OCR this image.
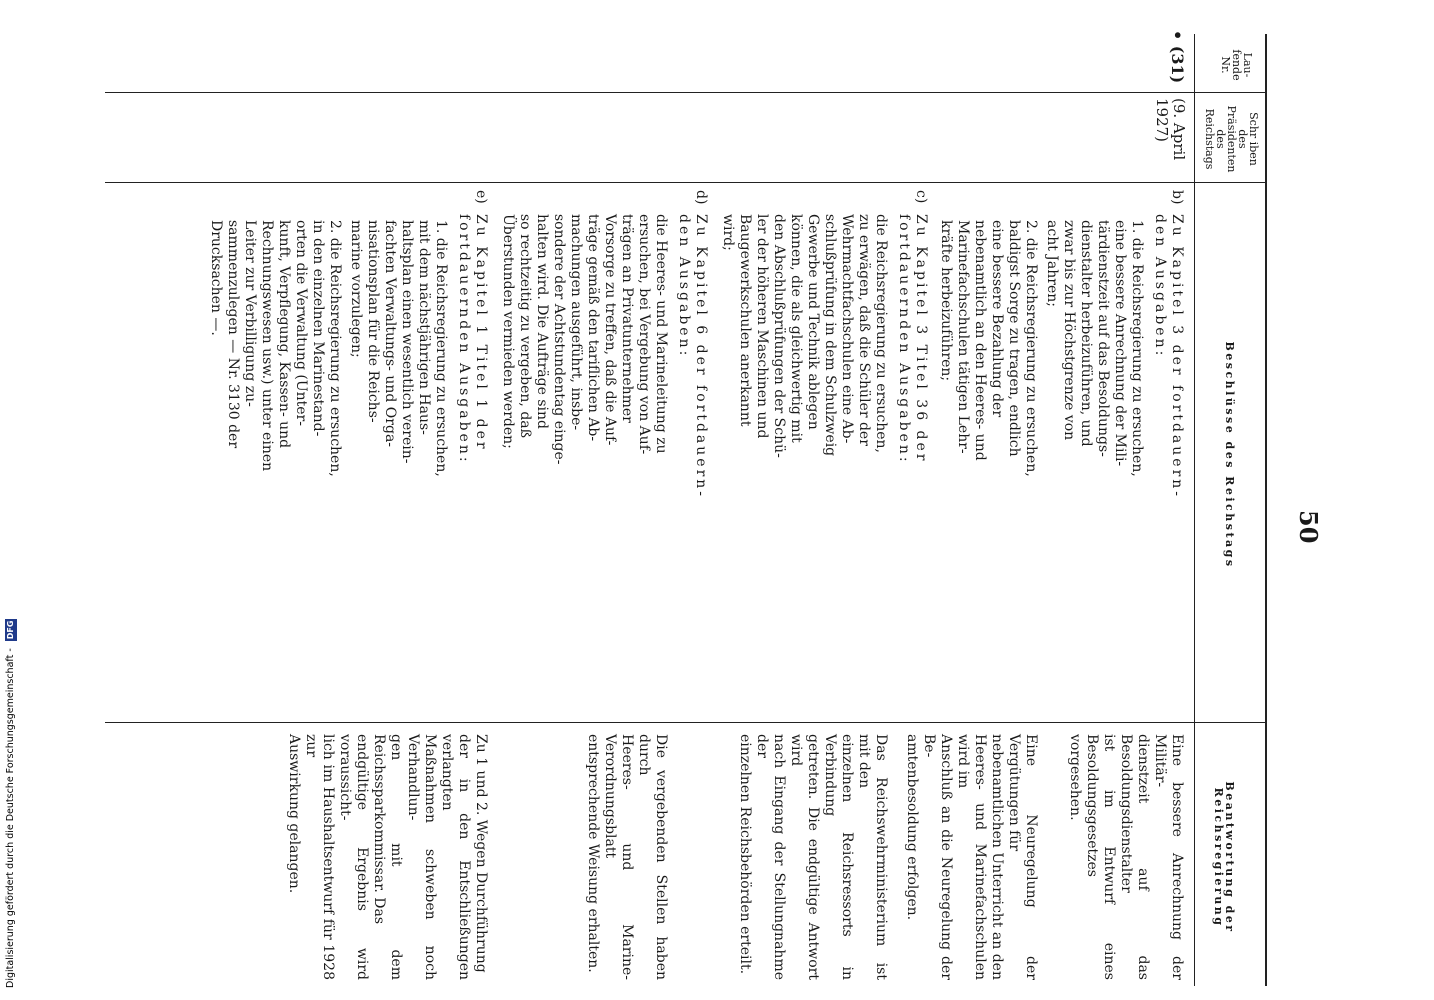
50
Lau-
fende
Nr.
Schr iben
des
Präsidenten
des
Reichstags
Beschlüsse des Reichstags
Beantwortung der Reichsregierung
• (31)
(9. April
1927)
b)
Zu Kapitel 3 der fortdauern-
den Ausgaben:
1. die Reichsregierung zu ersuchen,
eine bessere Anrechnung der Mili-
tärdienstzeit auf das Besoldungs-
dienstalter herbeizuführen, und
zwar bis zur Höchstgrenze von
acht Jahren;
2. die Reichsregierung zu ersuchen,
baldigst Sorge zu tragen, endlich
eine bessere Bezahlung der
nebenamtlich an den Heeres- und
Marinefachschulen tätigen Lehr-
kräfte herbeizuführen;
c)
Zu Kapitel 3 Titel 36 der
fortdauernden Ausgaben:
die Reichsregierung zu ersuchen,
zu erwägen, daß die Schüler der
Wehrmachtfachschulen eine Ab-
schlußprüfung in dem Schulzweig
Gewerbe und Technik ablegen
können, die als gleichwertig mit
den Abschlußprüfungen der Schü-
ler der höheren Maschinen und
Baugewerkschulen anerkannt
wird;
d)
Zu Kapitel 6 der fortdauern-
den Ausgaben:
die Heeres- und Marineleitung zu
ersuchen, bei Vergebung von Auf-
trägen an Privatunternehmer
Vorsorge zu treffen, daß die Auf-
träge gemäß den tariflichen Ab-
machungen ausgeführt, insbe-
sondere der Achtstundentag einge-
halten wird. Die Aufträge sind
so rechtzeitig zu vergeben, daß
Überstunden vermieden werden;
e)
Zu Kapitel 1 Titel 1 der
fortdauernden Ausgaben:
1. die Reichsregierung zu ersuchen,
mit dem nächstjährigen Haus-
haltsplan einen wesentlich verein-
fachten Verwaltungs- und Orga-
nisationsplan für die Reichs-
marine vorzulegen;
2. die Reichsregierung zu ersuchen,
in den einzelnen Marinestand-
orten die Verwaltung (Unter-
kunft, Verpflegung, Kassen- und
Rechnungswesen usw.) unter einen
Leiter zur Verbilligung zu-
sammenzulegen — Nr. 3130 der
Drucksachen —.
Eine bessere Anrechnung der Militär-
dienstzeit auf das Besoldungsdienstalter
ist im Entwurf eines Besoldungsgesetzes
vorgesehen.
Eine Neuregelung der Vergütungen für
nebenamtlichen Unterricht an den
Heeres- und Marinefachschulen wird im
Anschluß an die Neuregelung der Be-
amtenbesoldung erfolgen.
Das Reichswehrministerium ist mit den
einzelnen Reichsressorts in Verbindung
getreten. Die endgültige Antwort wird
nach Eingang der Stellungnahme der
einzelnen Reichsbehörden erteilt.
Die vergebenden Stellen haben durch
Heeres- und Marine-Verordnungsblatt
entsprechende Weisung erhalten.
Zu 1 und 2. Wegen Durchführung
der in den Entschließungen verlangten
Maßnahmen schweben noch Verhandlun-
gen mit dem Reichssparkommissar. Das
endgültige Ergebnis wird voraussicht-
lich im Haushaltsentwurf für 1928 zur
Auswirkung gelangen.
Digitalisierung gefördert durch die Deutsche Forschungsgemeinschaft - DFG
